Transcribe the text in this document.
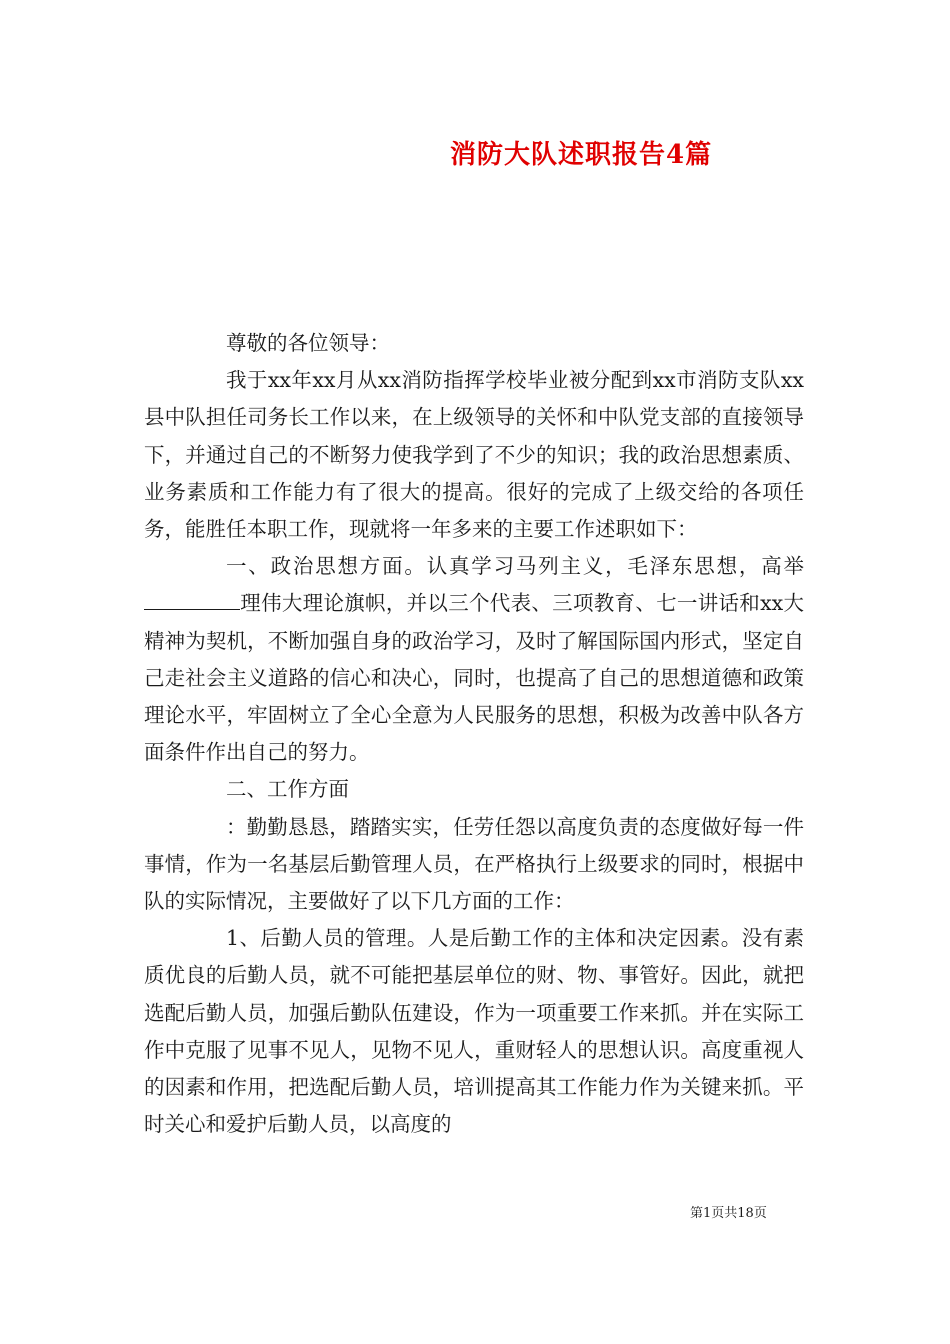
消防大队述职报告4篇

尊敬的各位领导：

我于xx年xx月从xx消防指挥学校毕业被分配到xx市消防支队xx县中队担任司务长工作以来，在上级领导的关怀和中队党支部的直接领导下，并通过自己的不断努力使我学到了不少的知识；我的政治思想素质、业务素质和工作能力有了很大的提高。很好的完成了上级交给的各项任务，能胜任本职工作，现就将一年多来的主要工作述职如下：

一、政治思想方面。认真学习马列主义，毛泽东思想，高举理伟大理论旗帜，并以三个代表、三项教育、七一讲话和xx大精神为契机，不断加强自身的政治学习，及时了解国际国内形式，坚定自己走社会主义道路的信心和决心，同时，也提高了自己的思想道德和政策理论水平，牢固树立了全心全意为人民服务的思想，积极为改善中队各方面条件作出自己的努力。

二、工作方面

：勤勤恳恳，踏踏实实，任劳任怨以高度负责的态度做好每一件事情，作为一名基层后勤管理人员，在严格执行上级要求的同时，根据中队的实际情况，主要做好了以下几方面的工作：

1、后勤人员的管理。人是后勤工作的主体和决定因素。没有素质优良的后勤人员，就不可能把基层单位的财、物、事管好。因此，就把选配后勤人员，加强后勤队伍建设，作为一项重要工作来抓。并在实际工作中克服了见事不见人，见物不见人，重财轻人的思想认识。高度重视人的因素和作用，把选配后勤人员，培训提高其工作能力作为关键来抓。平时关心和爱护后勤人员，以高度的

第1页共18页
